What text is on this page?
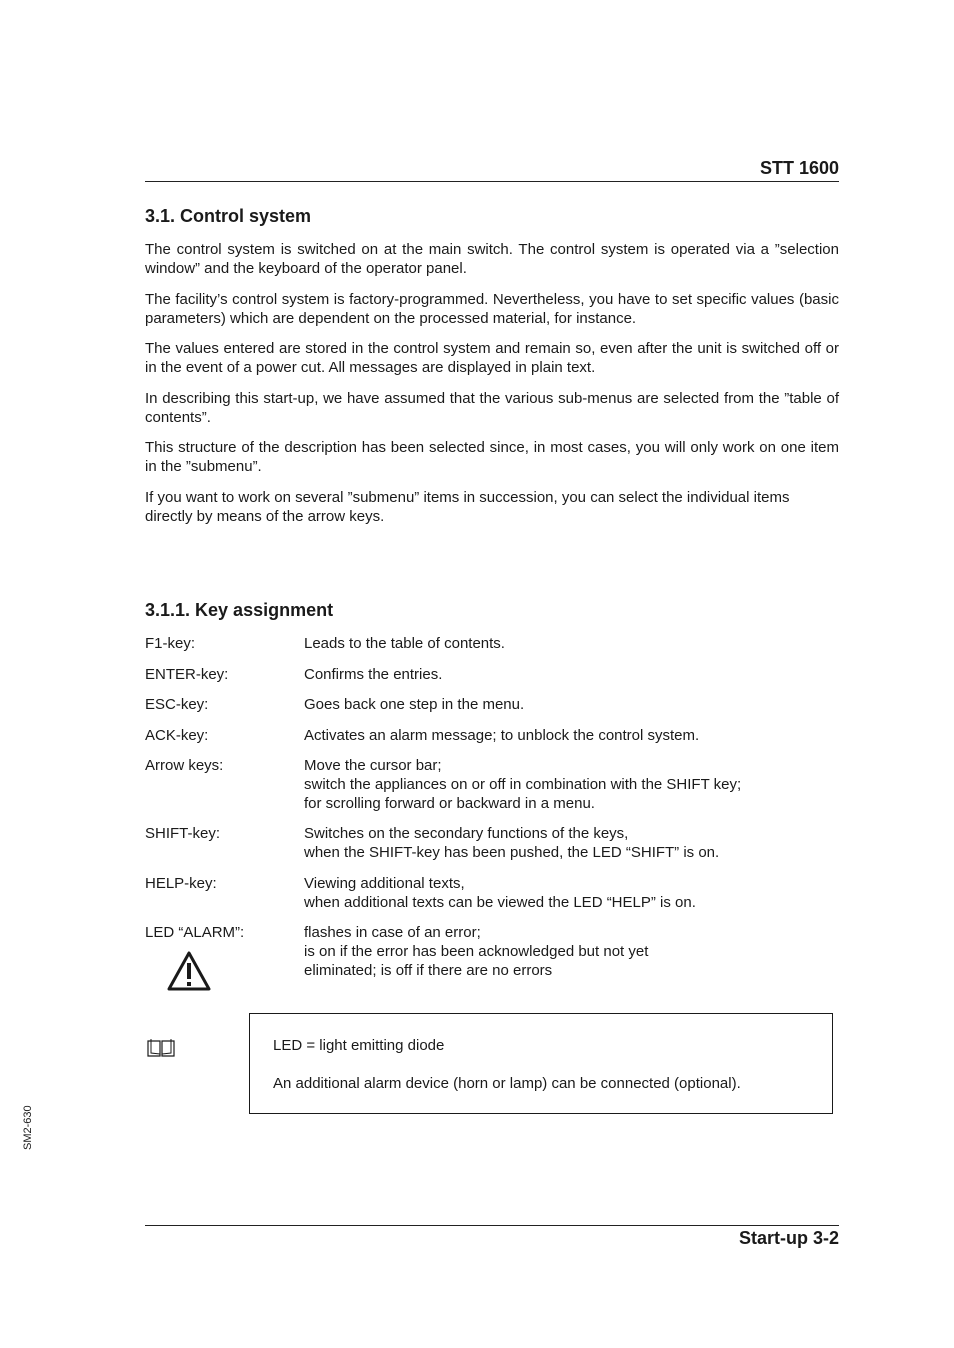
STT 1600
3.1. Control system

The control system is switched on at the main switch. The control system is operated via a ”selection window” and the keyboard of the operator panel.

The facility’s control system is factory-programmed. Nevertheless, you have to set specific values (basic parameters) which are dependent on the processed material, for instance.

The values entered are stored in the control system and remain so, even after the unit is switched off or in the event of a power cut. All messages are displayed in plain text.

In describing this start-up, we have assumed that the various sub-menus are selected from the ”table of contents”.

This structure of the description has been selected since, in most cases, you will only work on one item in the ”submenu”.

If you want to work on several ”submenu” items in succession, you can select the individual items directly by means of the arrow keys.

3.1.1. Key assignment
F1-key:	Leads to the table of contents.
ENTER-key:	Confirms the entries.
ESC-key:	Goes back one step in the menu.
ACK-key:	Activates an alarm message; to unblock the control system.
Arrow keys:	Move the cursor bar;
switch the appliances on or off in combination with the SHIFT key;
for scrolling forward or backward in a menu.
SHIFT-key:	Switches on the secondary functions of the keys,
when the SHIFT-key has been pushed, the LED “SHIFT” is on.
HELP-key:	Viewing additional texts,
when additional texts can be viewed the LED “HELP” is on.
LED “ALARM”:	flashes in case of an error;
is on if the error has been acknowledged but not yet
eliminated; is off if there are no errors
LED = light emitting diode
An additional alarm device (horn or lamp) can be connected (optional).
SM2-630
Start-up 3-2
